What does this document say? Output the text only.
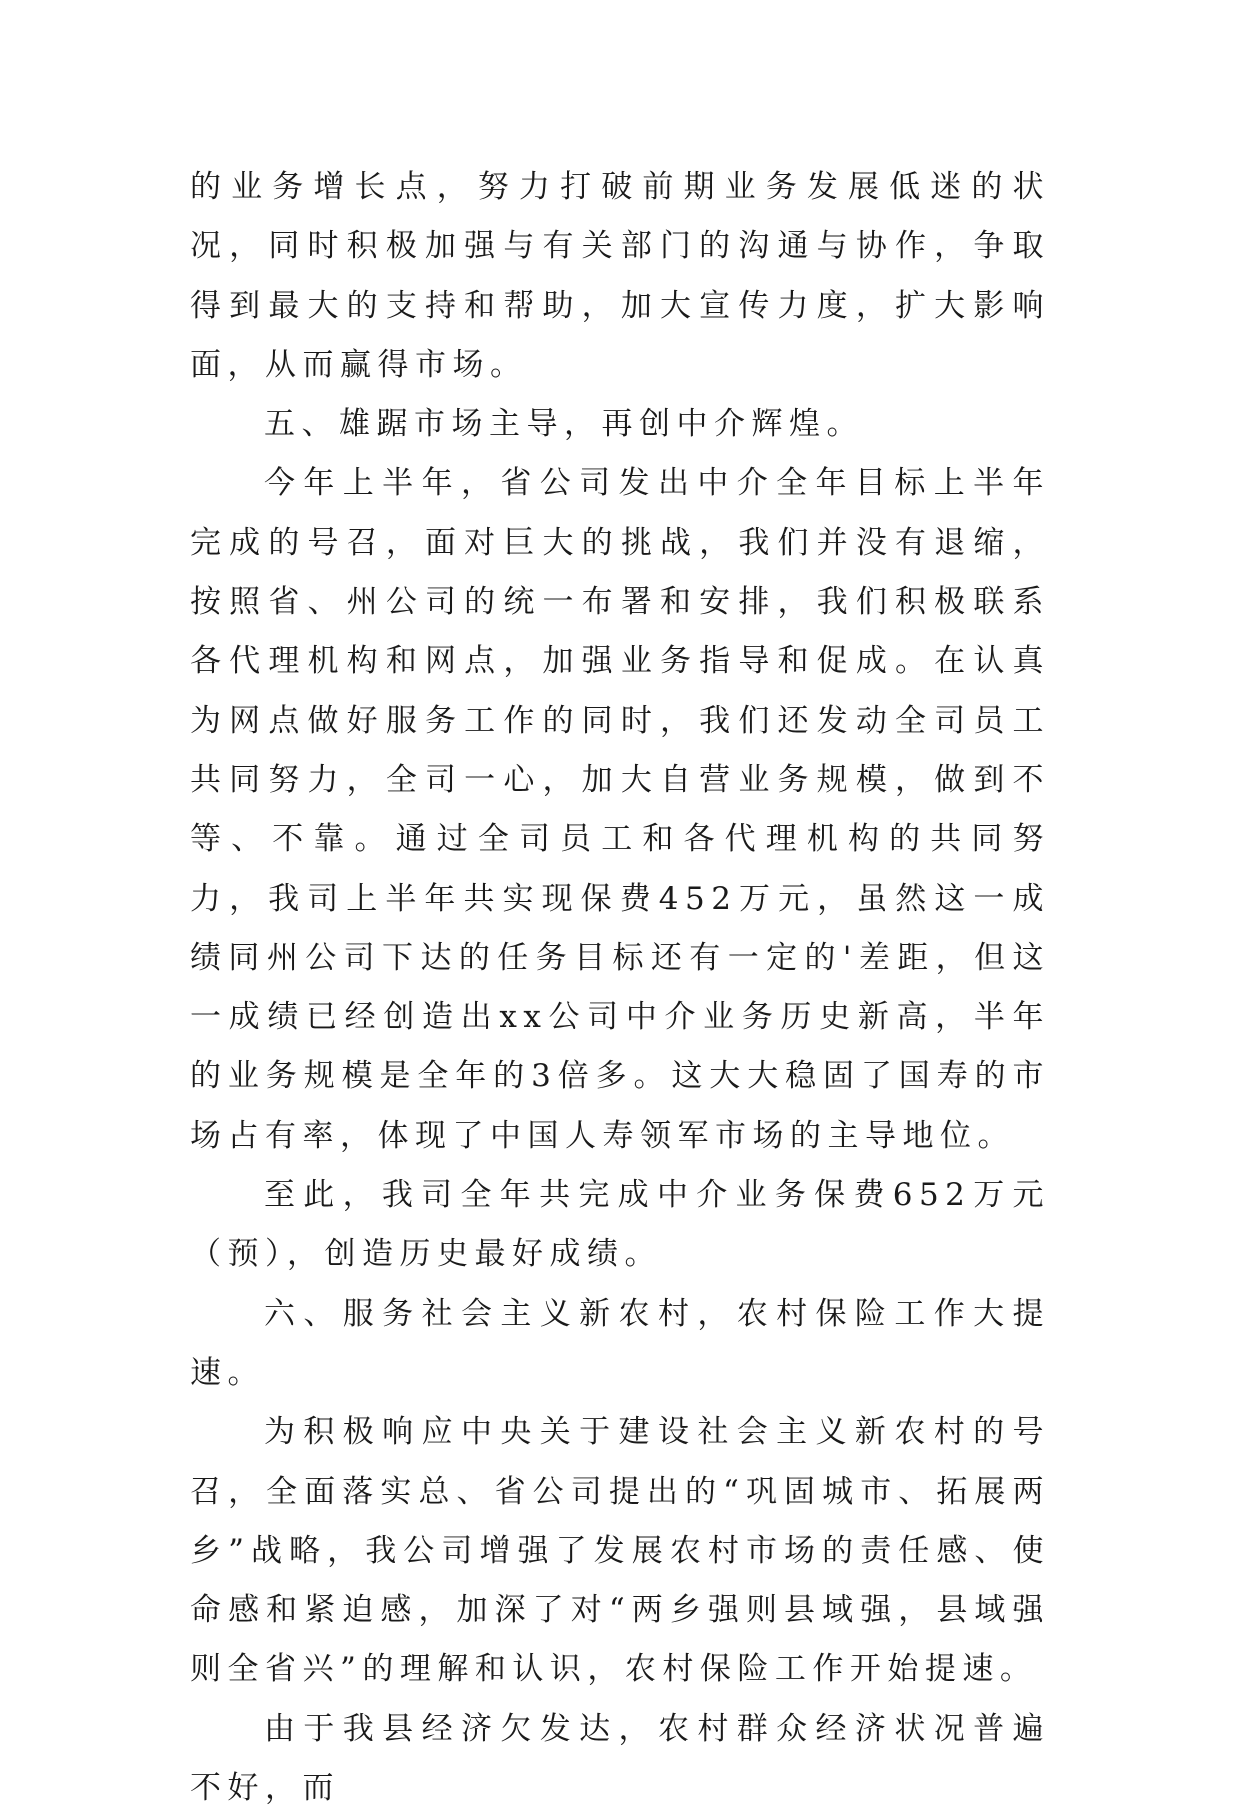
的业务增长点，努力打破前期业务发展低迷的状况，同时积极加强与有关部门的沟通与协作，争取得到最大的支持和帮助，加大宣传力度，扩大影响面，从而赢得市场。

五、雄踞市场主导，再创中介辉煌。

今年上半年，省公司发出中介全年目标上半年完成的号召，面对巨大的挑战，我们并没有退缩，按照省、州公司的统一布署和安排，我们积极联系各代理机构和网点，加强业务指导和促成。在认真为网点做好服务工作的同时，我们还发动全司员工共同努力，全司一心，加大自营业务规模，做到不等、不靠。通过全司员工和各代理机构的共同努力，我司上半年共实现保费452万元，虽然这一成绩同州公司下达的任务目标还有一定的'差距，但这一成绩已经创造出xx公司中介业务历史新高，半年的业务规模是全年的3倍多。这大大稳固了国寿的市场占有率，体现了中国人寿领军市场的主导地位。

至此，我司全年共完成中介业务保费652万元（预），创造历史最好成绩。

六、服务社会主义新农村，农村保险工作大提速。

为积极响应中央关于建设社会主义新农村的号召，全面落实总、省公司提出的“巩固城市、拓展两乡”战略，我公司增强了发展农村市场的责任感、使命感和紧迫感，加深了对“两乡强则县域强，县域强则全省兴”的理解和认识，农村保险工作开始提速。

由于我县经济欠发达，农村群众经济状况普遍不好，而
